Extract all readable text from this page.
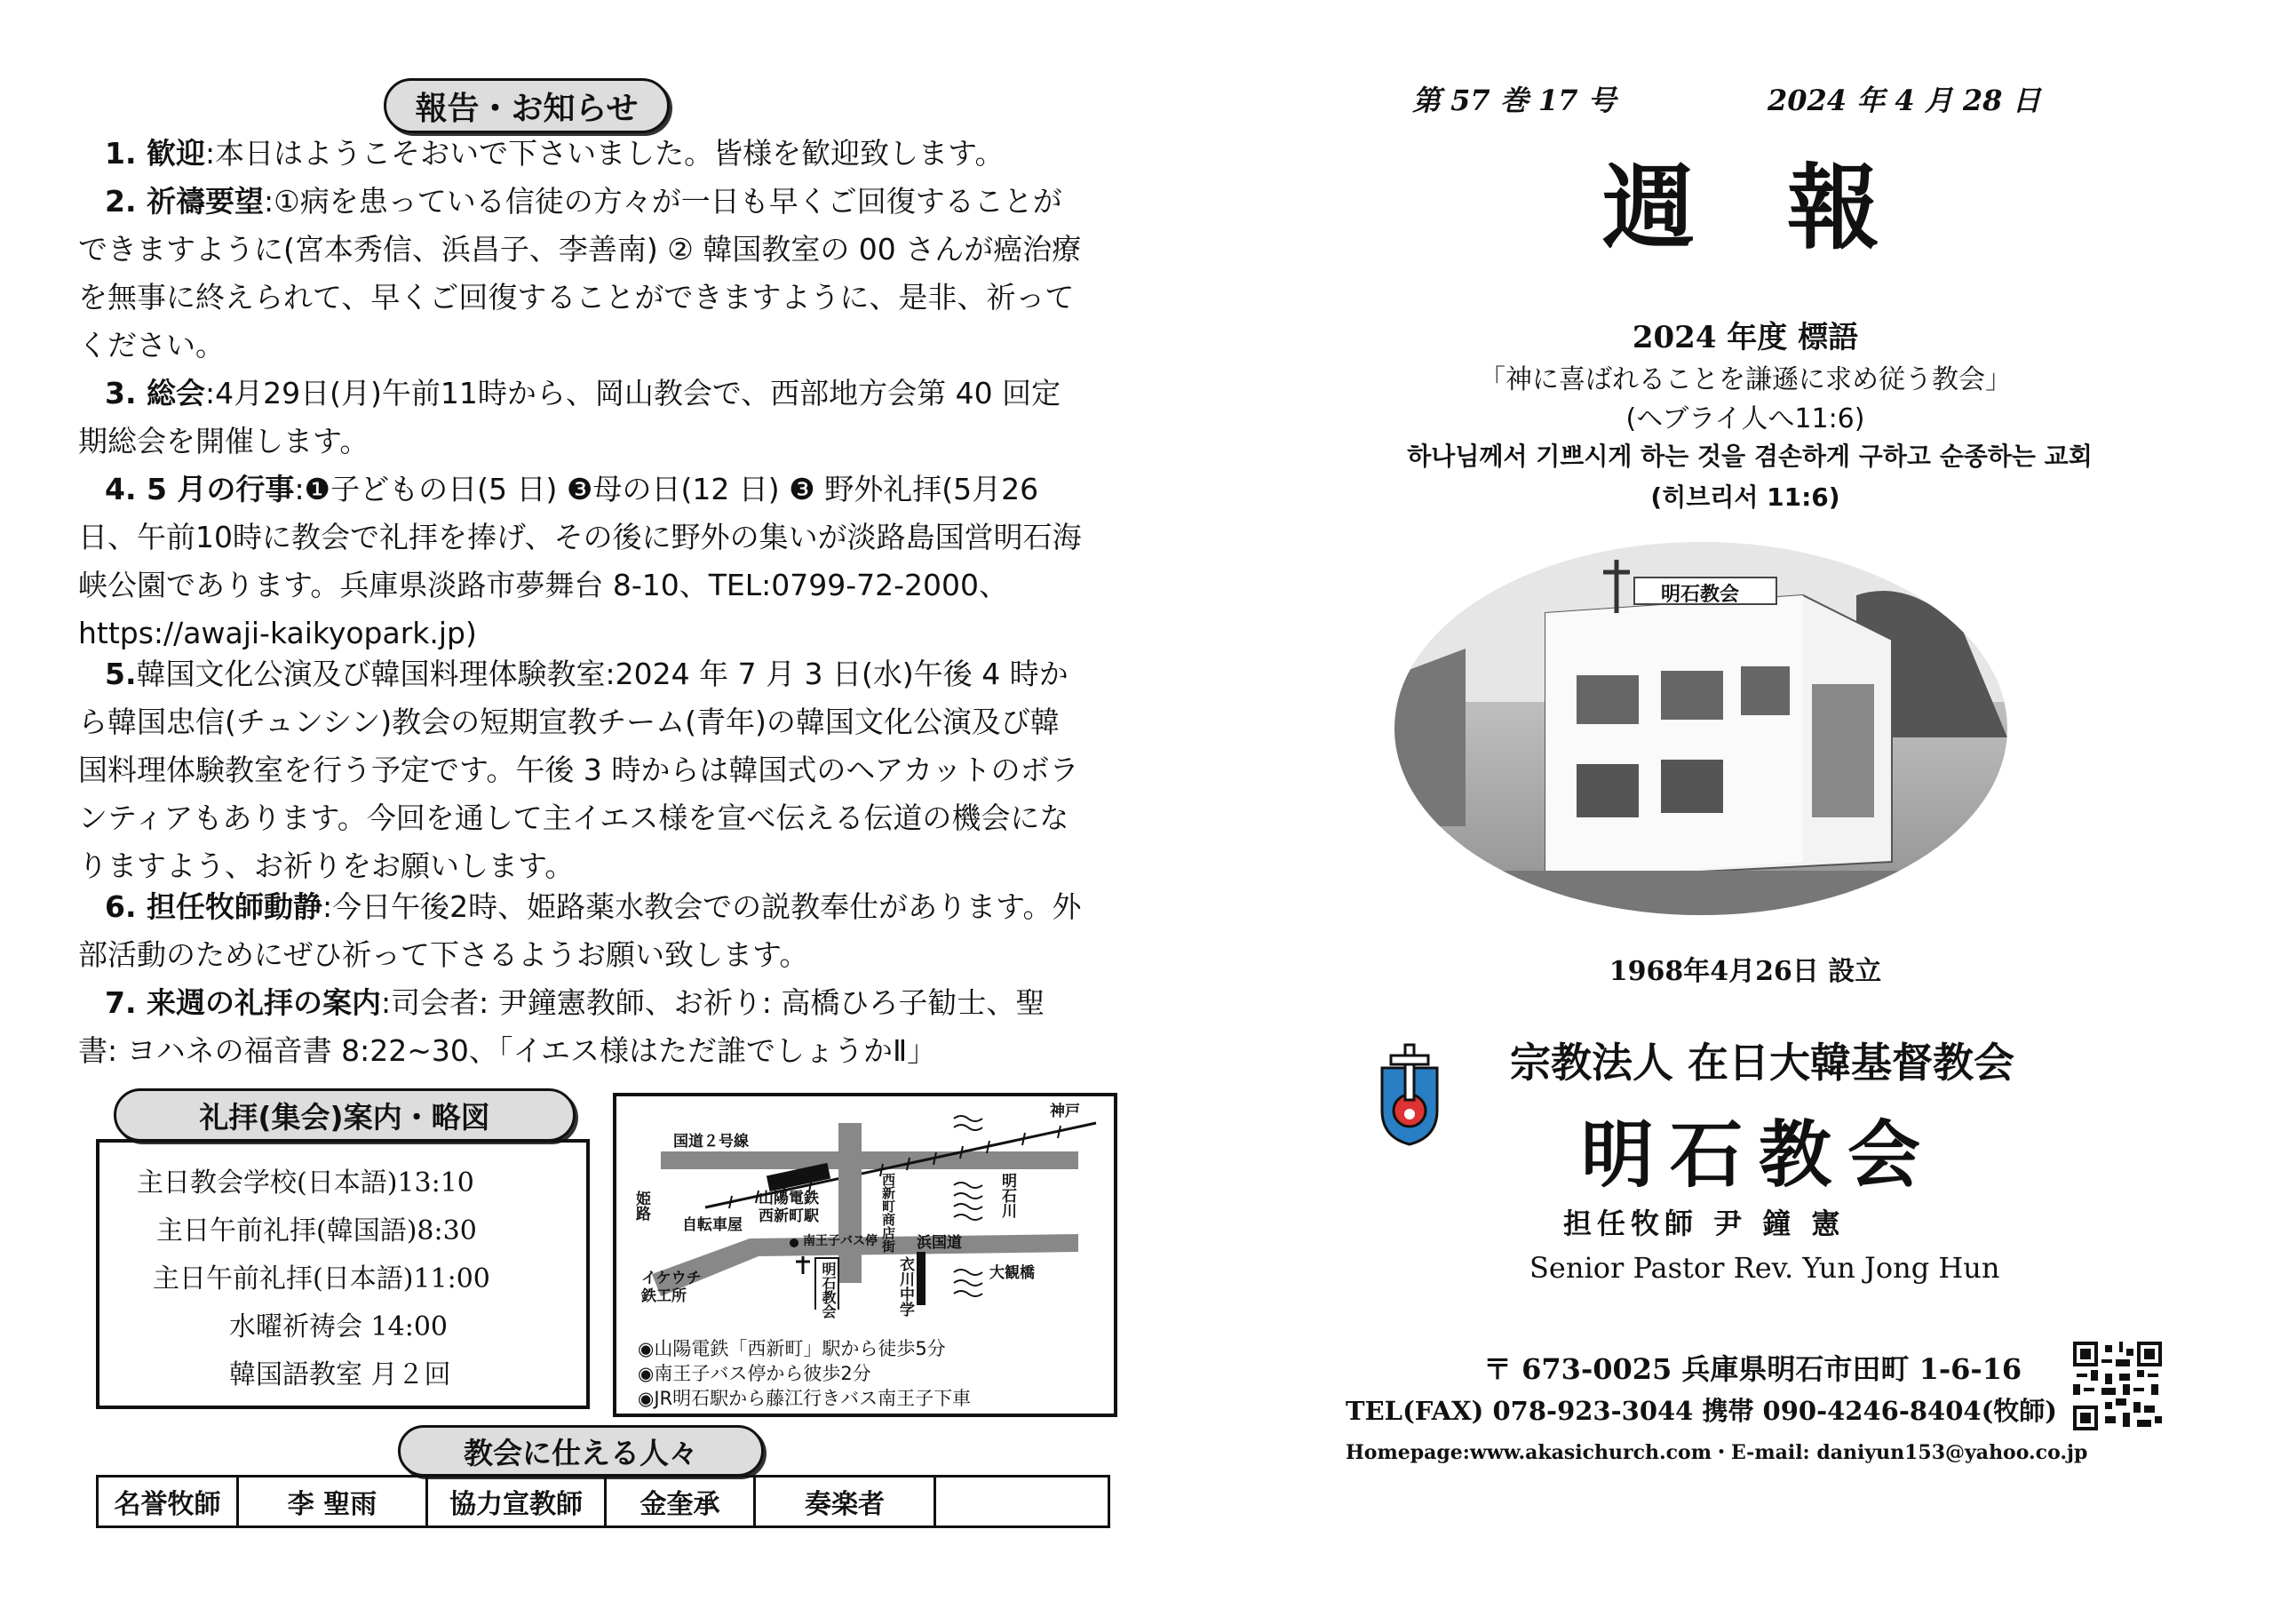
報告・お知らせ
1. 歓迎:本日はようこそおいで下さいました。皆様を歓迎致します。
2. 祈禱要望:①病を患っている信徒の方々が一日も早くご回復することができますように(宮本秀信、浜昌子、李善南) ② 韓国教室の 00 さんが癌治療を無事に終えられて、早くご回復することができますように、是非、祈ってください。
3. 総会:4月29日(月)午前11時から、岡山教会で、西部地方会第 40 回定期総会を開催します。
4. 5 月の行事:❶子どもの日(5 日) ❸母の日(12 日) ❸ 野外礼拝(5月26日、午前10時に教会で礼拝を捧げ、その後に野外の集いが淡路島国営明石海峡公園であります。兵庫県淡路市夢舞台 8-10、TEL:0799-72-2000、https://awaji-kaikyopark.jp)
5.韓国文化公演及び韓国料理体験教室:2024 年 7 月 3 日(水)午後 4 時から韓国忠信(チュンシン)教会の短期宣教チーム(青年)の韓国文化公演及び韓国料理体験教室を行う予定です。午後 3 時からは韓国式のヘアカットのボランティアもあります。今回を通して主イエス様を宣べ伝える伝道の機会になりますよう、お祈りをお願いします。
6. 担任牧師動静:今日午後2時、姫路薬水教会での説教奉仕があります。外部活動のためにぜひ祈って下さるようお願い致します。
7. 来週の礼拝の案内:司会者: 尹鐘憲教師、お祈り: 高橋ひろ子勧士、聖書: ヨハネの福音書 8:22~30、「イエス様はただ誰でしょうかⅡ」
礼拝(集会)案内・略図
主日教会学校(日本語)13:10
主日午前礼拝(韓国語)8:30
主日午前礼拝(日本語)11:00
水曜祈祷会 14:00
韓国語教室 月２回
神戸
国道２号線
姫路
自転車屋
山陽電鉄
西新町駅	西新町商店街	明石川
浜国道
南王子バス停
イケウチ
鉄工所	明石教会	衣川中学	大観橋
◉山陽電鉄「西新町」駅から徒歩5分
◉南王子バス停から彼歩2分
◉JR明石駅から藤江行きバス南王子下車
教会に仕える人々
名誉牧師	李 聖雨	協力宣教師	金奎承	奏楽者	
第 57 巻 17 号	2024 年 4 月 28 日
週　報
2024 年度 標語
「神に喜ばれることを謙遜に求め従う教会」
(ヘブライ人へ11:6)
하나님께서 기쁘시게 하는 것을 겸손하게 구하고 순종하는 교회
(히브리서 11:6)
明石教会
1968年4月26日 設立
宗教法人 在日大韓基督教会
明石教会
担任牧師 尹 鐘 憲
Senior Pastor Rev. Yun Jong Hun
〒 673-0025 兵庫県明石市田町 1-6-16
TEL(FAX) 078-923-3044 携帯 090-4246-8404(牧師)
Homepage:www.akasichurch.com・E-mail: daniyun153@yahoo.co.jp
